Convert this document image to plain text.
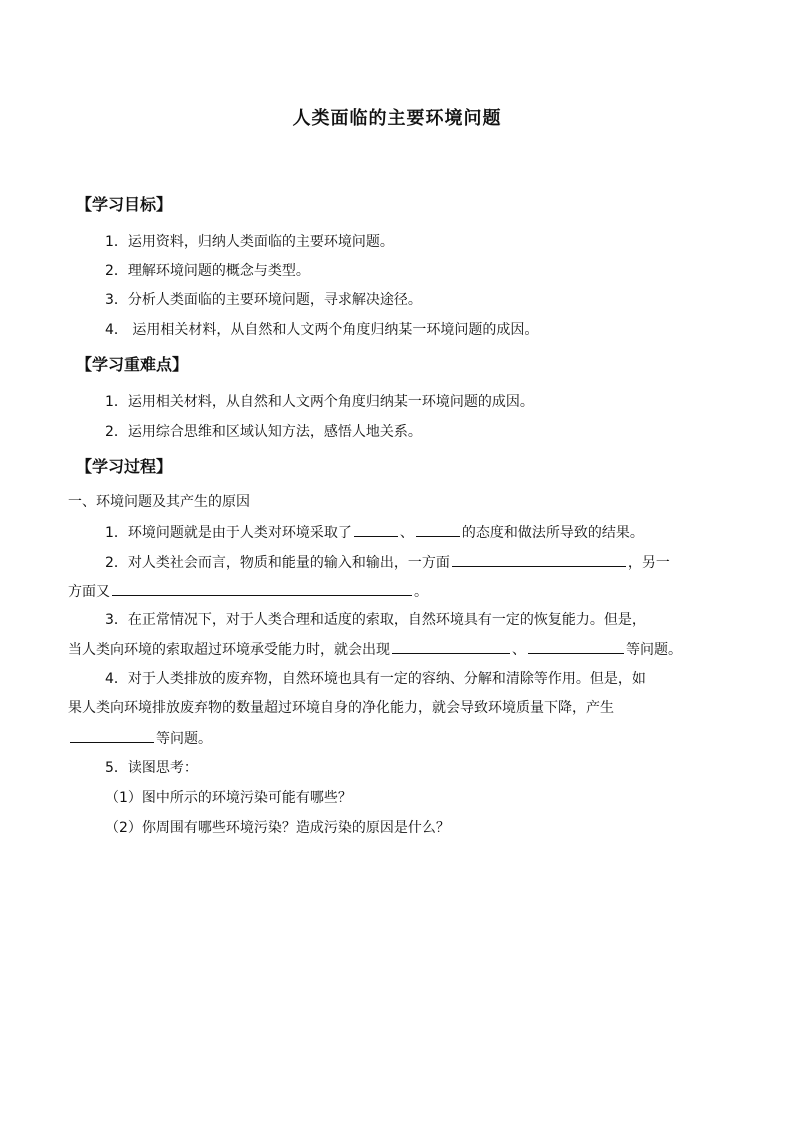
人类面临的主要环境问题
【学习目标】
1．运用资料，归纳人类面临的主要环境问题。
2．理解环境问题的概念与类型。
3．分析人类面临的主要环境问题，寻求解决途径。
4． 运用相关材料，从自然和人文两个角度归纳某一环境问题的成因。
【学习重难点】
1．运用相关材料，从自然和人文两个角度归纳某一环境问题的成因。
2．运用综合思维和区域认知方法，感悟人地关系。
【学习过程】
一、环境问题及其产生的原因
1．环境问题就是由于人类对环境采取了	、	的态度和做法所导致的结果。
2．对人类社会而言，物质和能量的输入和输出，一方面	，另一
方面又	。
3．在正常情况下，对于人类合理和适度的索取，自然环境具有一定的恢复能力。但是，
当人类向环境的索取超过环境承受能力时，就会出现	、	等问题。
4．对于人类排放的废弃物，自然环境也具有一定的容纳、分解和清除等作用。但是，如
果人类向环境排放废弃物的数量超过环境自身的净化能力，就会导致环境质量下降，产生
等问题。
5．读图思考：
（1）图中所示的环境污染可能有哪些？
（2）你周围有哪些环境污染？造成污染的原因是什么？
